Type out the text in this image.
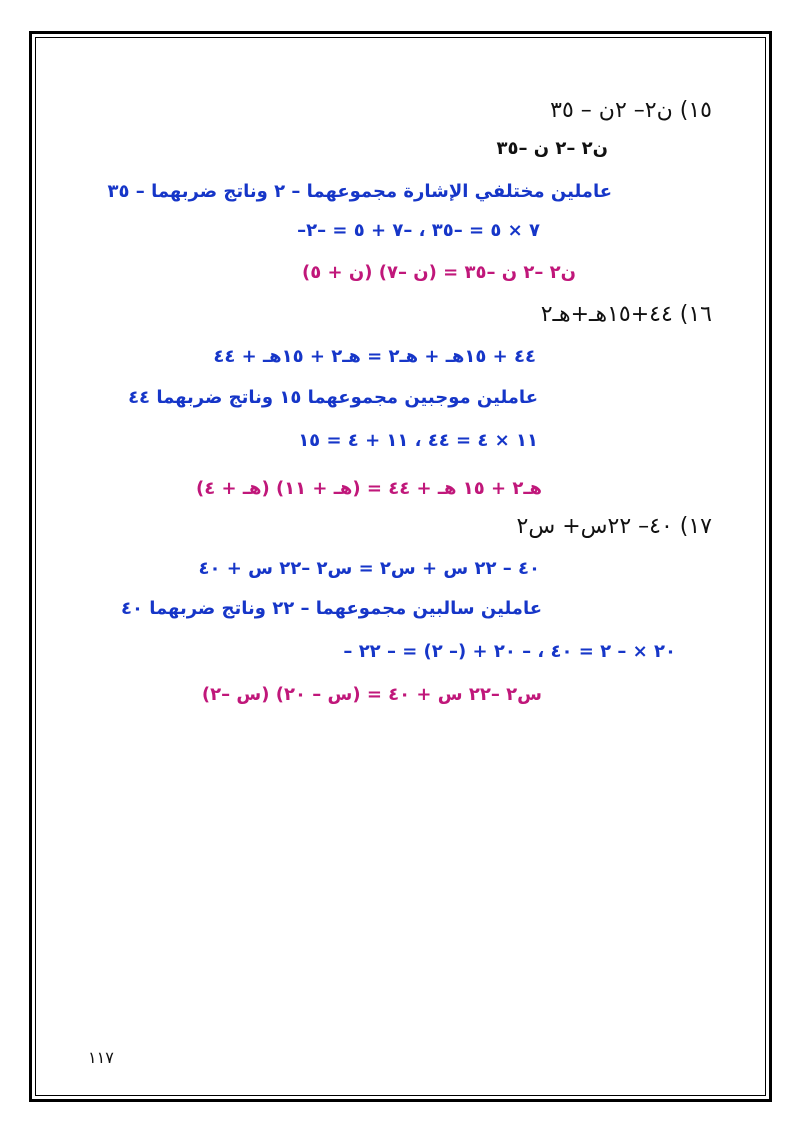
١٥) ن٢– ٢ن – ٣٥
ن٢ –٢ ن –٣٥
عاملين مختلفي الإشارة مجموعهما – ٢ وناتج ضربهما – ٣٥
–٧ × ٥ = –٣٥ ، –٧ + ٥ = –٢
ن٢ –٢ ن –٣٥ = (ن –٧) (ن + ٥)
١٦) ٤٤+١٥هـ+هـ٢
٤٤ + ١٥هـ + هـ٢ = هـ٢ + ١٥هـ + ٤٤
عاملين موجبين مجموعهما ١٥ وناتج ضربهما ٤٤
١١ × ٤ = ٤٤ ، ١١ + ٤ = ١٥
هـ٢ + ١٥ هـ + ٤٤ = (هـ + ١١) (هـ + ٤)
١٧) ٤٠– ٢٢س+ س٢
٤٠ – ٢٢ س + س٢ = س٢ –٢٢ س + ٤٠
عاملين سالبين مجموعهما – ٢٢ وناتج ضربهما ٤٠
– ٢٠ × – ٢ = ٤٠ ، – ٢٠ + (– ٢) = – ٢٢
س٢ –٢٢ س + ٤٠ = (س – ٢٠) (س –٢)
١١٧
